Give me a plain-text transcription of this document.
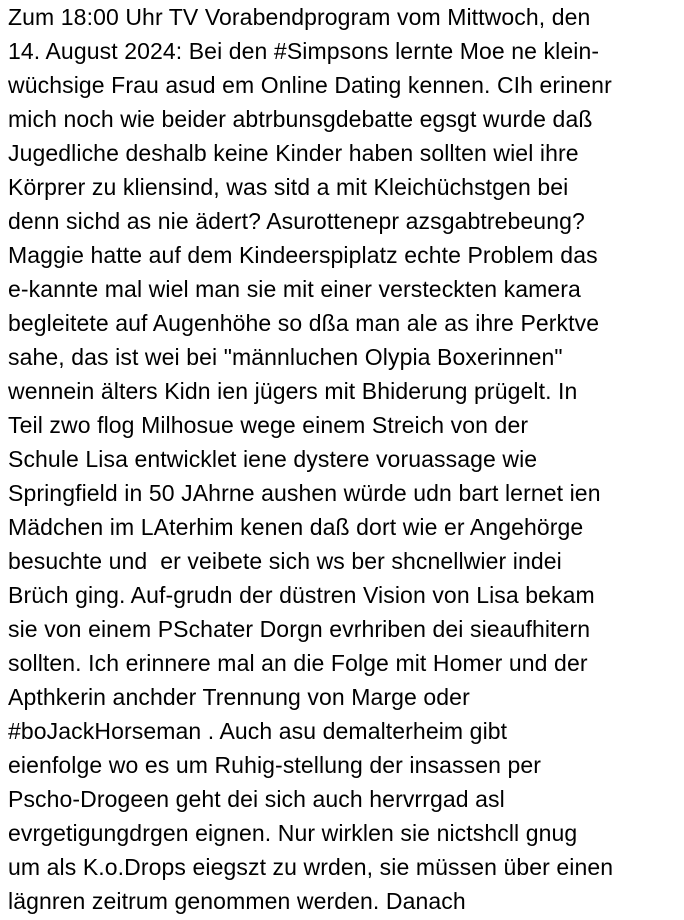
Zum 18:00 Uhr TV Vorabendprogram vom Mittwoch, den
14. August 2024: Bei den #Simpsons lernte Moe ne klein-
wüchsige Frau asud em Online Dating kennen. CIh erinenr
mich noch wie beider abtrbunsgdebatte egsgt wurde daß
Jugedliche deshalb keine Kinder haben sollten wiel ihre
Körprer zu kliensind, was sitd a mit Kleichüchstgen bei
denn sichd as nie ädert? Asurottenepr azsgabtrebeung?
Maggie hatte auf dem Kindeerspiplatz echte Problem das
e-kannte mal wiel man sie mit einer versteckten kamera
begleitete auf Augenhöhe so dßa man ale as ihre Perktve
sahe, das ist wei bei "männluchen Olypia Boxerinnen"
wennein älters Kidn ien jügers mit Bhiderung prügelt. In
Teil zwo flog Milhosue wege einem Streich von der
Schule Lisa entwicklet iene dystere voruassage wie
Springfield in 50 JAhrne aushen würde udn bart lernet ien
Mädchen im LAterhim kenen daß dort wie er Angehörge
besuchte und  er veibete sich ws ber shcnellwier indei
Brüch ging. Auf-grudn der düstren Vision von Lisa bekam
sie von einem PSchater Dorgn evrhriben dei sieaufhitern
sollten. Ich erinnere mal an die Folge mit Homer und der
Apthkerin anchder Trennung von Marge oder
#boJackHorseman . Auch asu demalterheim gibt
eienfolge wo es um Ruhig-stellung der insassen per
Pscho-Drogeen geht dei sich auch hervrrgad asl
evrgetigungdrgen eignen. Nur wirklen sie nictshcll gnug
um als K.o.Drops eiegszt zu wrden, sie müssen über einen
lägnren zeitrum genommen werden. Danach
